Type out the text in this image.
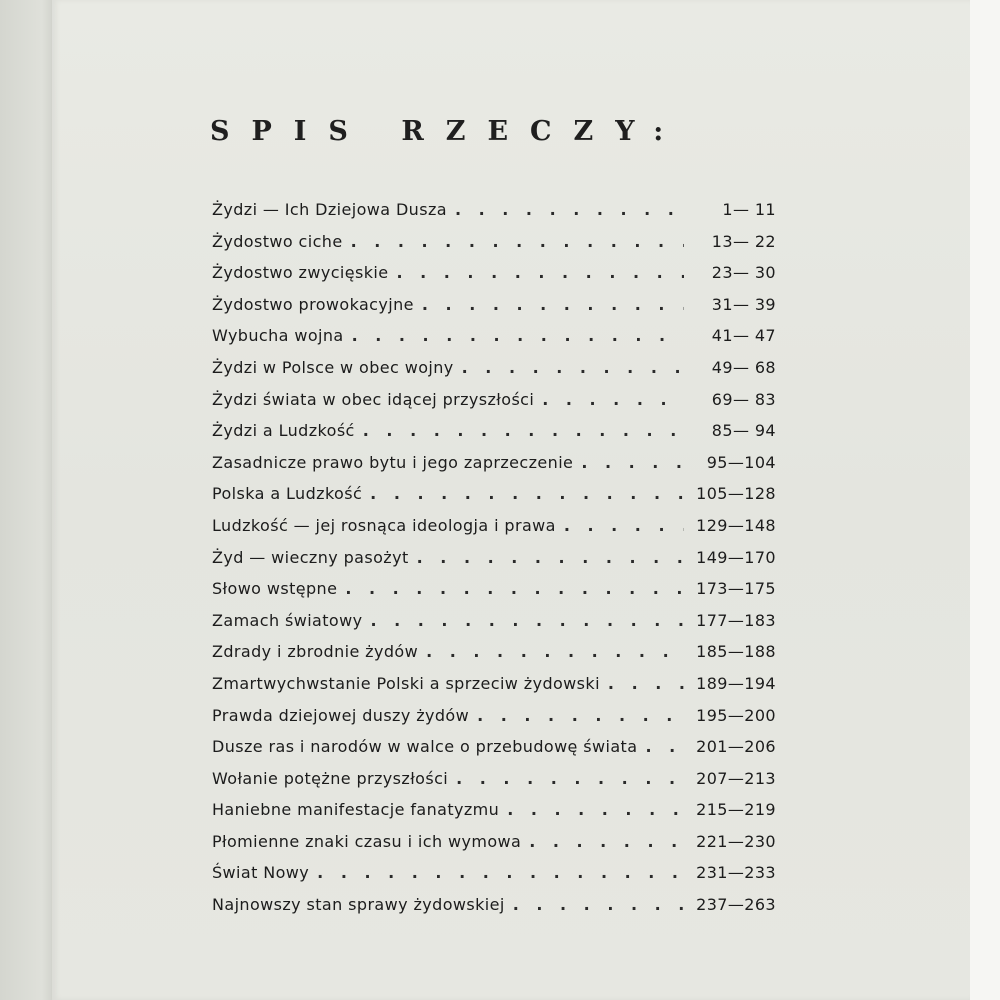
SPIS RZECZY:
Żydzi — Ich Dziejowa Dusza . . .	1— 11
Żydostwo ciche . . .	13— 22
Żydostwo zwycięskie . . .	23— 30
Żydostwo prowokacyjne . . .	31— 39
Wybucha wojna . . .	41— 47
Żydzi w Polsce w obec wojny . . .	49— 68
Żydzi świata w obec idącej przyszłości . . .	69— 83
Żydzi a Ludzkość . . .	85— 94
Zasadnicze prawo bytu i jego zaprzeczenie . . .	95—104
Polska a Ludzkość . . .	105—128
Ludzkość — jej rosnąca ideologja i prawa . . .	129—148
Żyd — wieczny pasożyt . . .	149—170
Słowo wstępne . . .	173—175
Zamach światowy . . .	177—183
Zdrady i zbrodnie żydów . . .	185—188
Zmartwychwstanie Polski a sprzeciw żydowski . . .	189—194
Prawda dziejowej duszy żydów . . .	195—200
Dusze ras i narodów w walce o przebudowę świata . . .	201—206
Wołanie potężne przyszłości . . .	207—213
Haniebne manifestacje fanatyzmu . . .	215—219
Płomienne znaki czasu i ich wymowa . . .	221—230
Świat Nowy . . .	231—233
Najnowszy stan sprawy żydowskiej . . .	237—263
